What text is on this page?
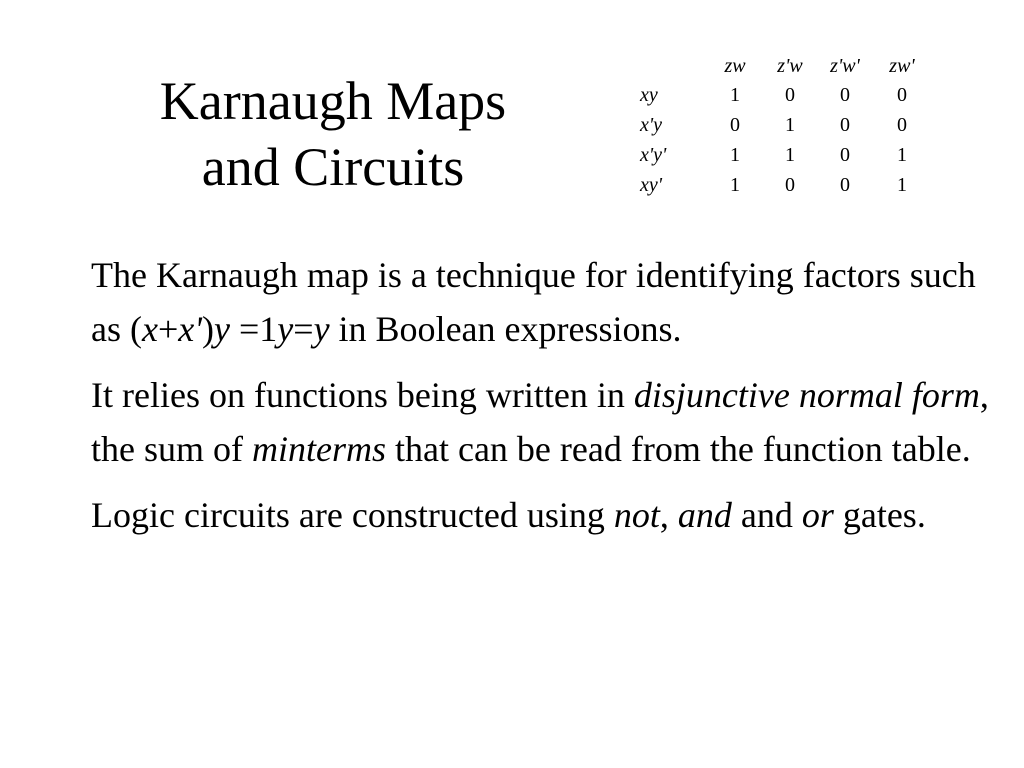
Karnaugh Maps
and Circuits
	zw	z'w	z'w'	zw'
xy	1	0	0	0
x'y	0	1	0	0
x'y'	1	1	0	1
xy'	1	0	0	1

The Karnaugh map is a technique for identifying factors such as (x+x')y =1y=y in Boolean expressions.

It relies on functions being written in disjunctive normal form, the sum of minterms that can be read from the function table.

Logic circuits are constructed using not, and and or gates.
